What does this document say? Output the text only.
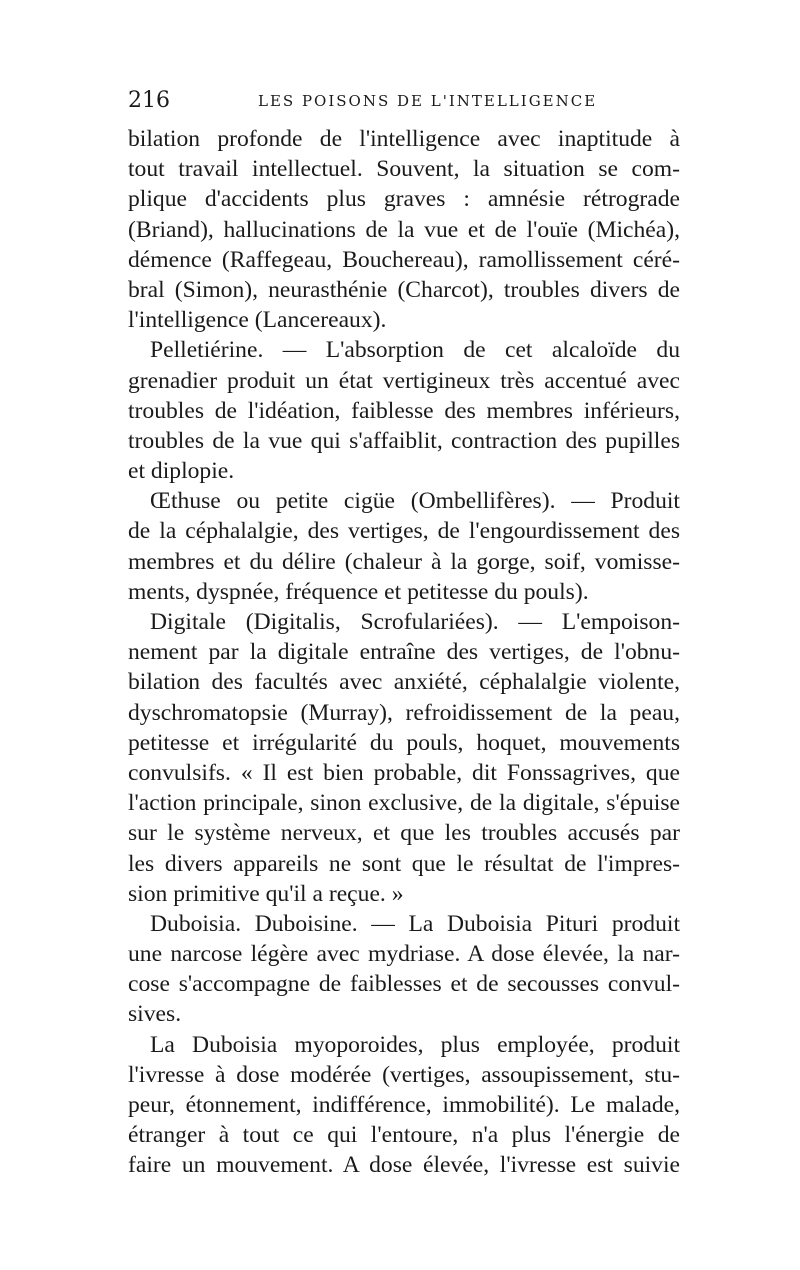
216	LES POISONS DE L'INTELLIGENCE
bilation profonde de l'intelligence avec inaptitude à
tout travail intellectuel. Souvent, la situation se com-
plique d'accidents plus graves : amnésie rétrograde
(Briand), hallucinations de la vue et de l'ouïe (Michéa),
démence (Raffegeau, Bouchereau), ramollissement céré-
bral (Simon), neurasthénie (Charcot), troubles divers de
l'intelligence (Lancereaux).
Pelletiérine. — L'absorption de cet alcaloïde du
grenadier produit un état vertigineux très accentué avec
troubles de l'idéation, faiblesse des membres inférieurs,
troubles de la vue qui s'affaiblit, contraction des pupilles
et diplopie.
Œthuse ou petite cigüe (Ombellifères). — Produit
de la céphalalgie, des vertiges, de l'engourdissement des
membres et du délire (chaleur à la gorge, soif, vomisse-
ments, dyspnée, fréquence et petitesse du pouls).
Digitale (Digitalis, Scrofulariées). — L'empoison-
nement par la digitale entraîne des vertiges, de l'obnu-
bilation des facultés avec anxiété, céphalalgie violente,
dyschromatopsie (Murray), refroidissement de la peau,
petitesse et irrégularité du pouls, hoquet, mouvements
convulsifs. « Il est bien probable, dit Fonssagrives, que
l'action principale, sinon exclusive, de la digitale, s'épuise
sur le système nerveux, et que les troubles accusés par
les divers appareils ne sont que le résultat de l'impres-
sion primitive qu'il a reçue. »
Duboisia. Duboisine. — La Duboisia Pituri produit
une narcose légère avec mydriase. A dose élevée, la nar-
cose s'accompagne de faiblesses et de secousses convul-
sives.
La Duboisia myoporoides, plus employée, produit
l'ivresse à dose modérée (vertiges, assoupissement, stu-
peur, étonnement, indifférence, immobilité). Le malade,
étranger à tout ce qui l'entoure, n'a plus l'énergie de
faire un mouvement. A dose élevée, l'ivresse est suivie
